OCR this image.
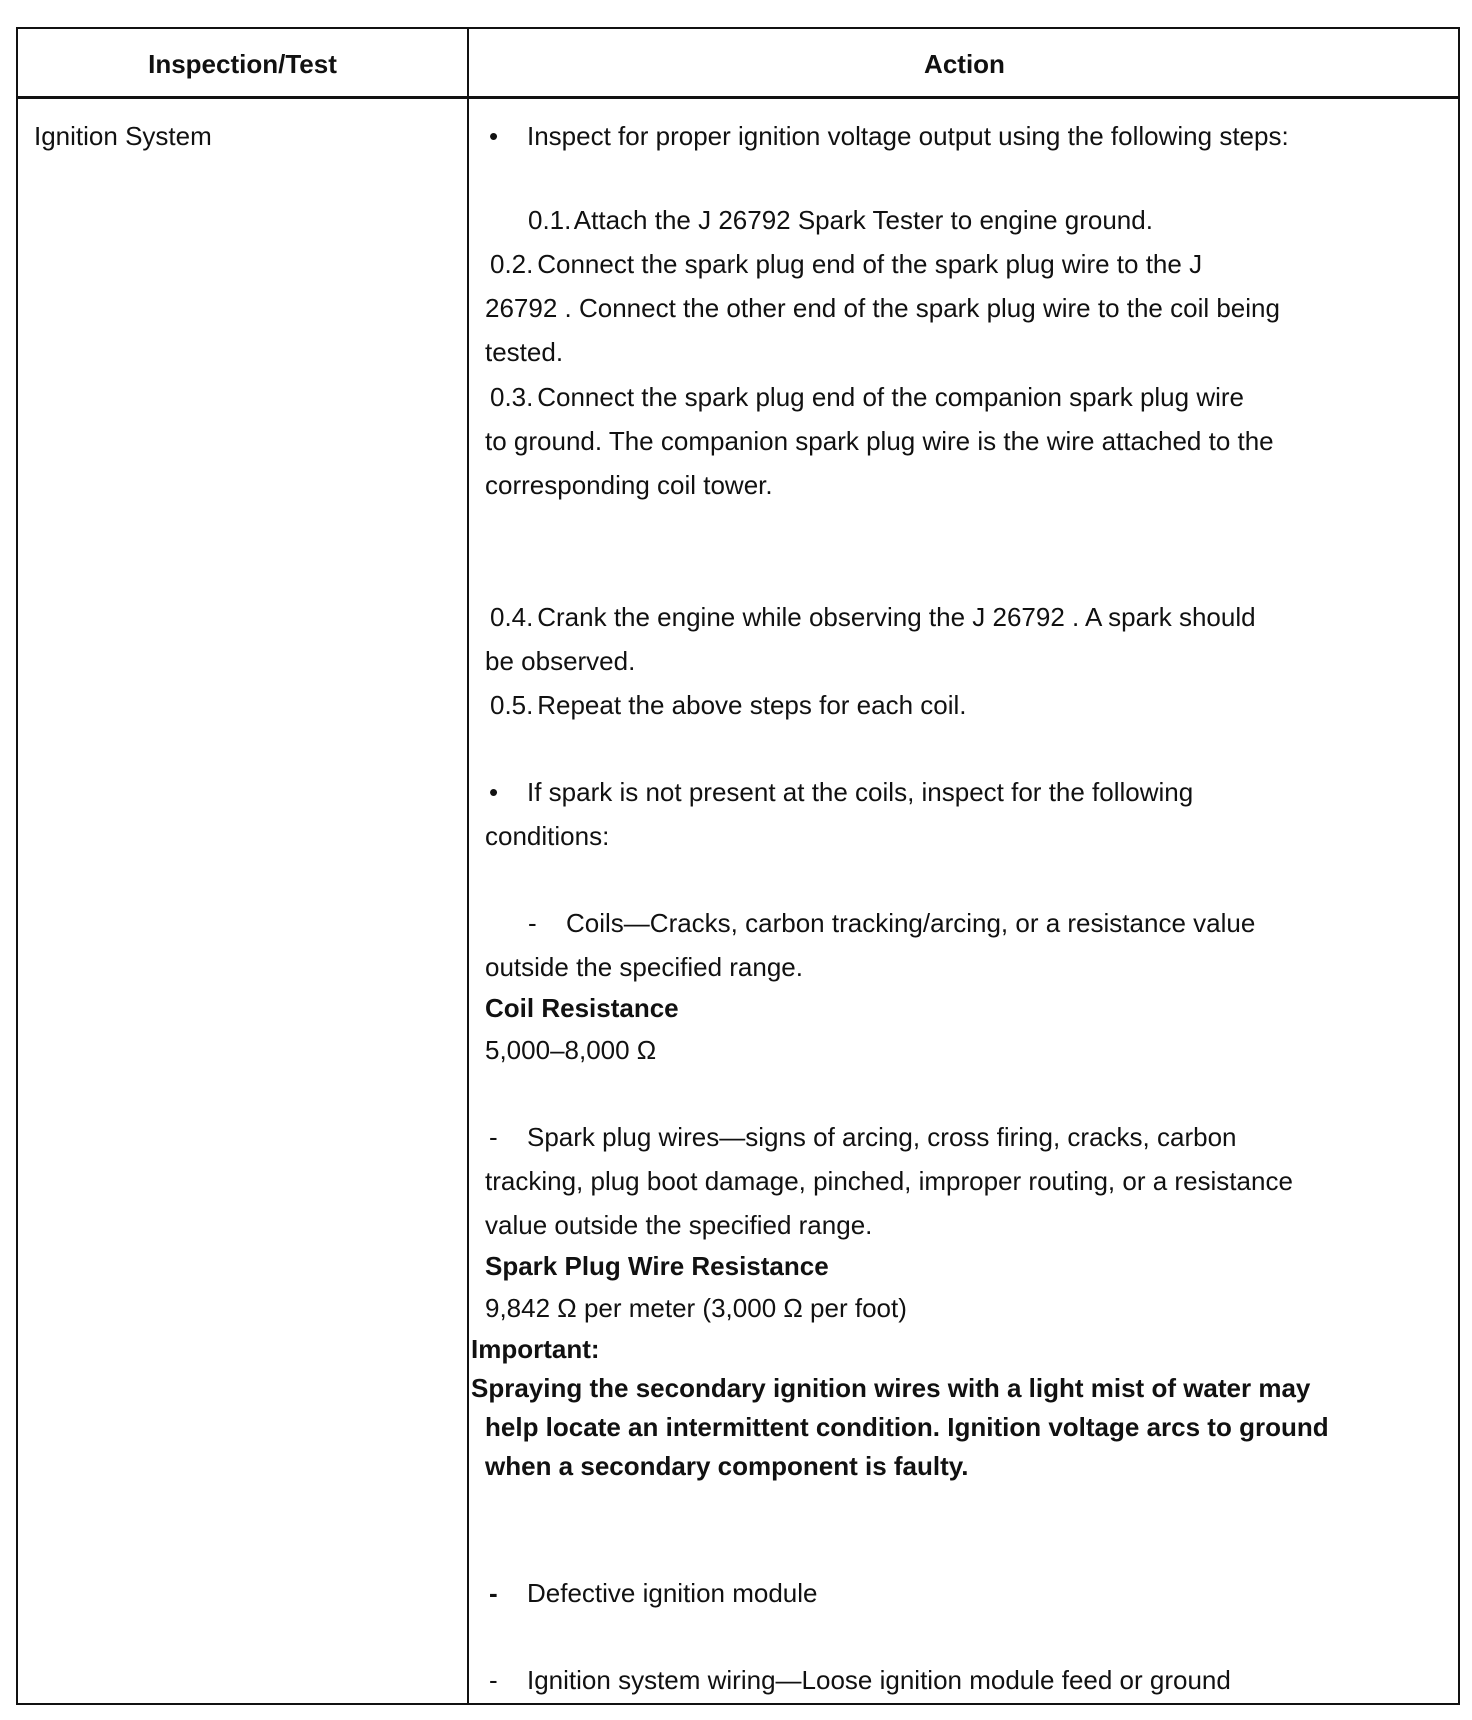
Inspection/Test	Action
Ignition System	• Inspect for proper ignition voltage output using the following steps:
0.1. Attach the J 26792 Spark Tester to engine ground.
0.2. Connect the spark plug end of the spark plug wire to the J
26792 . Connect the other end of the spark plug wire to the coil being
tested.
0.3. Connect the spark plug end of the companion spark plug wire
to ground. The companion spark plug wire is the wire attached to the
corresponding coil tower.
0.4. Crank the engine while observing the J 26792 . A spark should
be observed.
0.5. Repeat the above steps for each coil.
• If spark is not present at the coils, inspect for the following
conditions:
- Coils—Cracks, carbon tracking/arcing, or a resistance value
outside the specified range.
Coil Resistance
5,000–8,000 Ω
- Spark plug wires—signs of arcing, cross firing, cracks, carbon
tracking, plug boot damage, pinched, improper routing, or a resistance
value outside the specified range.
Spark Plug Wire Resistance
9,842 Ω per meter (3,000 Ω per foot)
Important:
Spraying the secondary ignition wires with a light mist of water may
help locate an intermittent condition. Ignition voltage arcs to ground
when a secondary component is faulty.
- Defective ignition module
- Ignition system wiring—Loose ignition module feed or ground
